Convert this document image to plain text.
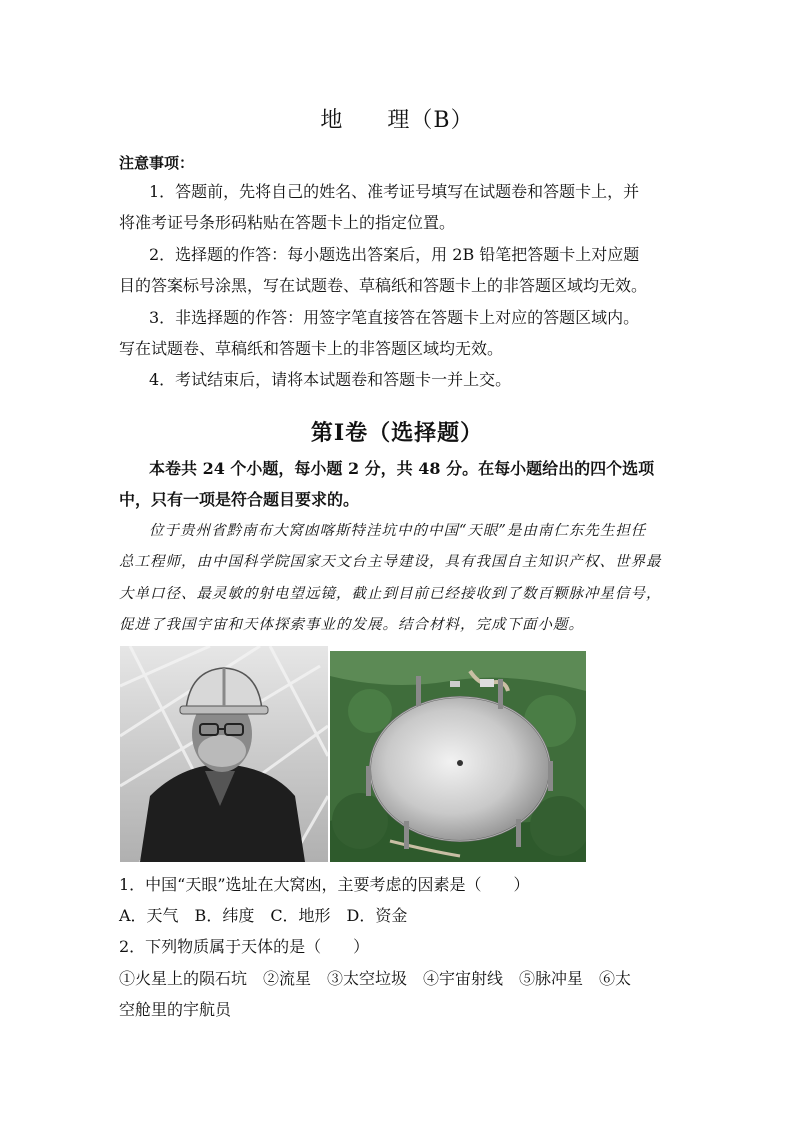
地 理（B）
注意事项：
1．答题前，先将自己的姓名、准考证号填写在试题卷和答题卡上，并
将准考证号条形码粘贴在答题卡上的指定位置。
2．选择题的作答：每小题选出答案后，用 2B 铅笔把答题卡上对应题
目的答案标号涂黑，写在试题卷、草稿纸和答题卡上的非答题区域均无效。
3．非选择题的作答：用签字笔直接答在答题卡上对应的答题区域内。
写在试题卷、草稿纸和答题卡上的非答题区域均无效。
4．考试结束后，请将本试题卷和答题卡一并上交。
第Ⅰ卷（选择题）
本卷共 24 个小题，每小题 2 分，共 48 分。在每小题给出的四个选项
中，只有一项是符合题目要求的。
位于贵州省黔南布大窝凼喀斯特洼坑中的中国“天眼”是由南仁东先生担任
总工程师，由中国科学院国家天文台主导建设，具有我国自主知识产权、世界最
大单口径、最灵敏的射电望远镜，截止到目前已经接收到了数百颗脉冲星信号，
促进了我国宇宙和天体探索事业的发展。结合材料，完成下面小题。
1．中国“天眼”选址在大窝凼，主要考虑的因素是（　　）
A．天气　B．纬度　C．地形　D．资金
2．下列物质属于天体的是（　　）
①火星上的陨石坑　②流星　③太空垃圾　④宇宙射线　⑤脉冲星　⑥太
空舱里的宇航员
